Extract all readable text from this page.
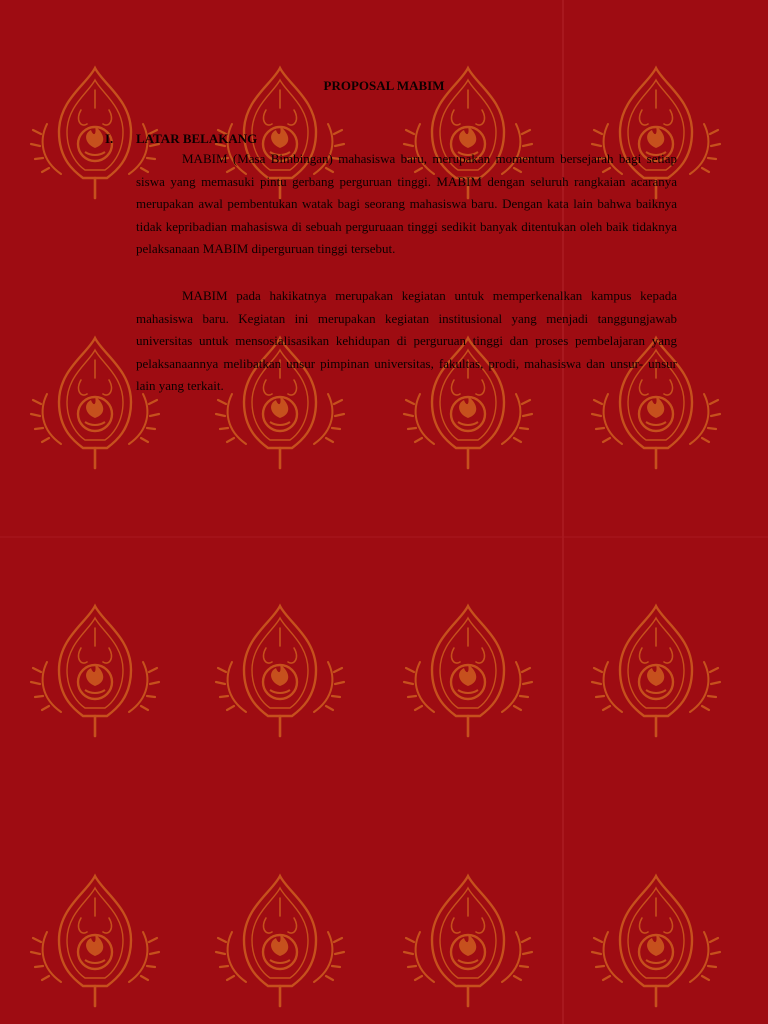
PROPOSAL MABIM
I. LATAR BELAKANG

MABIM (Masa Bimbingan) mahasiswa baru, merupakan momentum bersejarah bagi setiap siswa yang memasuki pintu gerbang perguruan tinggi. MABIM dengan seluruh rangkaian acaranya merupakan awal pembentukan watak bagi seorang mahasiswa baru. Dengan kata lain bahwa baiknya tidak kepribadian mahasiswa di sebuah perguruaan tinggi sedikit banyak ditentukan oleh baik tidaknya pelaksanaan MABIM diperguruan tinggi tersebut.

MABIM pada hakikatnya merupakan kegiatan untuk memperkenalkan kampus kepada mahasiswa baru. Kegiatan ini merupakan kegiatan institusional yang menjadi tanggungjawab universitas untuk mensosialisasikan kehidupan di perguruan tinggi dan proses pembelajaran yang pelaksanaannya melibatkan unsur pimpinan universitas, fakultas, prodi, mahasiswa dan unsur- unsur lain yang terkait.
